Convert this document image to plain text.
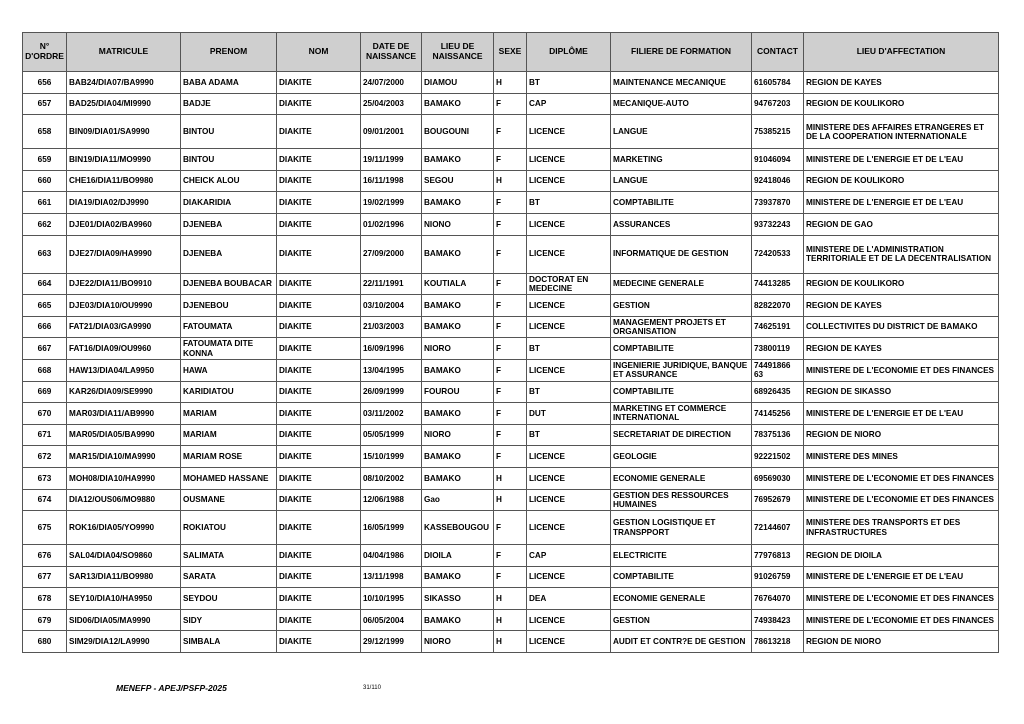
N° D'ORDRE	MATRICULE	PRENOM	NOM	DATE DE NAISSANCE	LIEU DE NAISSANCE	SEXE	DIPLÔME	FILIERE DE FORMATION	CONTACT	LIEU D'AFFECTATION
656	BAB24/DIA07/BA9990	BABA ADAMA	DIAKITE	24/07/2000	DIAMOU	H	BT	MAINTENANCE MECANIQUE	61605784	REGION DE KAYES
657	BAD25/DIA04/MI9990	BADJE	DIAKITE	25/04/2003	BAMAKO	F	CAP	MECANIQUE-AUTO	94767203	REGION DE KOULIKORO
658	BIN09/DIA01/SA9990	BINTOU	DIAKITE	09/01/2001	BOUGOUNI	F	LICENCE	LANGUE	75385215	MINISTERE DES AFFAIRES ETRANGERES ET DE LA COOPERATION INTERNATIONALE
659	BIN19/DIA11/MO9990	BINTOU	DIAKITE	19/11/1999	BAMAKO	F	LICENCE	MARKETING	91046094	MINISTERE DE L'ENERGIE ET DE L'EAU
660	CHE16/DIA11/BO9980	CHEICK ALOU	DIAKITE	16/11/1998	SEGOU	H	LICENCE	LANGUE	92418046	REGION DE KOULIKORO
661	DIA19/DIA02/DJ9990	DIAKARIDIA	DIAKITE	19/02/1999	BAMAKO	F	BT	COMPTABILITE	73937870	MINISTERE DE L'ENERGIE ET DE L'EAU
662	DJE01/DIA02/BA9960	DJENEBA	DIAKITE	01/02/1996	NIONO	F	LICENCE	ASSURANCES	93732243	REGION DE GAO
663	DJE27/DIA09/HA9990	DJENEBA	DIAKITE	27/09/2000	BAMAKO	F	LICENCE	INFORMATIQUE DE GESTION	72420533	MINISTERE DE L'ADMINISTRATION TERRITORIALE ET DE LA DECENTRALISATION
664	DJE22/DIA11/BO9910	DJENEBA BOUBACAR	DIAKITE	22/11/1991	KOUTIALA	F	DOCTORAT EN MEDECINE	MEDECINE GENERALE	74413285	REGION DE KOULIKORO
665	DJE03/DIA10/OU9990	DJENEBOU	DIAKITE	03/10/2004	BAMAKO	F	LICENCE	GESTION	82822070	REGION DE KAYES
666	FAT21/DIA03/GA9990	FATOUMATA	DIAKITE	21/03/2003	BAMAKO	F	LICENCE	MANAGEMENT PROJETS ET ORGANISATION	74625191	COLLECTIVITES DU DISTRICT DE BAMAKO
667	FAT16/DIA09/OU9960	FATOUMATA DITE KONNA	DIAKITE	16/09/1996	NIORO	F	BT	COMPTABILITE	73800119	REGION DE KAYES
668	HAW13/DIA04/LA9950	HAWA	DIAKITE	13/04/1995	BAMAKO	F	LICENCE	INGENIERIE JURIDIQUE, BANQUE ET ASSURANCE	74491866 63	MINISTERE DE L'ECONOMIE ET DES FINANCES
669	KAR26/DIA09/SE9990	KARIDIATOU	DIAKITE	26/09/1999	FOUROU	F	BT	COMPTABILITE	68926435	REGION DE SIKASSO
670	MAR03/DIA11/AB9990	MARIAM	DIAKITE	03/11/2002	BAMAKO	F	DUT	MARKETING ET COMMERCE INTERNATIONAL	74145256	MINISTERE DE L'ENERGIE ET DE L'EAU
671	MAR05/DIA05/BA9990	MARIAM	DIAKITE	05/05/1999	NIORO	F	BT	SECRETARIAT DE DIRECTION	78375136	REGION DE NIORO
672	MAR15/DIA10/MA9990	MARIAM ROSE	DIAKITE	15/10/1999	BAMAKO	F	LICENCE	GEOLOGIE	92221502	MINISTERE DES MINES
673	MOH08/DIA10/HA9990	MOHAMED HASSANE	DIAKITE	08/10/2002	BAMAKO	H	LICENCE	ECONOMIE GENERALE	69569030	MINISTERE DE L'ECONOMIE ET DES FINANCES
674	DIA12/OUS06/MO9880	OUSMANE	DIAKITE	12/06/1988	Gao	H	LICENCE	GESTION DES RESSOURCES HUMAINES	76952679	MINISTERE DE L'ECONOMIE ET DES FINANCES
675	ROK16/DIA05/YO9990	ROKIATOU	DIAKITE	16/05/1999	KASSEBOUGOU	F	LICENCE	GESTION LOGISTIQUE ET TRANSPPORT	72144607	MINISTERE DES TRANSPORTS ET DES INFRASTRUCTURES
676	SAL04/DIA04/SO9860	SALIMATA	DIAKITE	04/04/1986	DIOILA	F	CAP	ELECTRICITE	77976813	REGION DE DIOILA
677	SAR13/DIA11/BO9980	SARATA	DIAKITE	13/11/1998	BAMAKO	F	LICENCE	COMPTABILITE	91026759	MINISTERE DE L'ENERGIE ET DE L'EAU
678	SEY10/DIA10/HA9950	SEYDOU	DIAKITE	10/10/1995	SIKASSO	H	DEA	ECONOMIE GENERALE	76764070	MINISTERE DE L'ECONOMIE ET DES FINANCES
679	SID06/DIA05/MA9990	SIDY	DIAKITE	06/05/2004	BAMAKO	H	LICENCE	GESTION	74938423	MINISTERE DE L'ECONOMIE ET DES FINANCES
680	SIM29/DIA12/LA9990	SIMBALA	DIAKITE	29/12/1999	NIORO	H	LICENCE	AUDIT ET CONTR?E DE GESTION	78613218	REGION DE NIORO
MENEFP - APEJ/PSFP-2025	31/110
